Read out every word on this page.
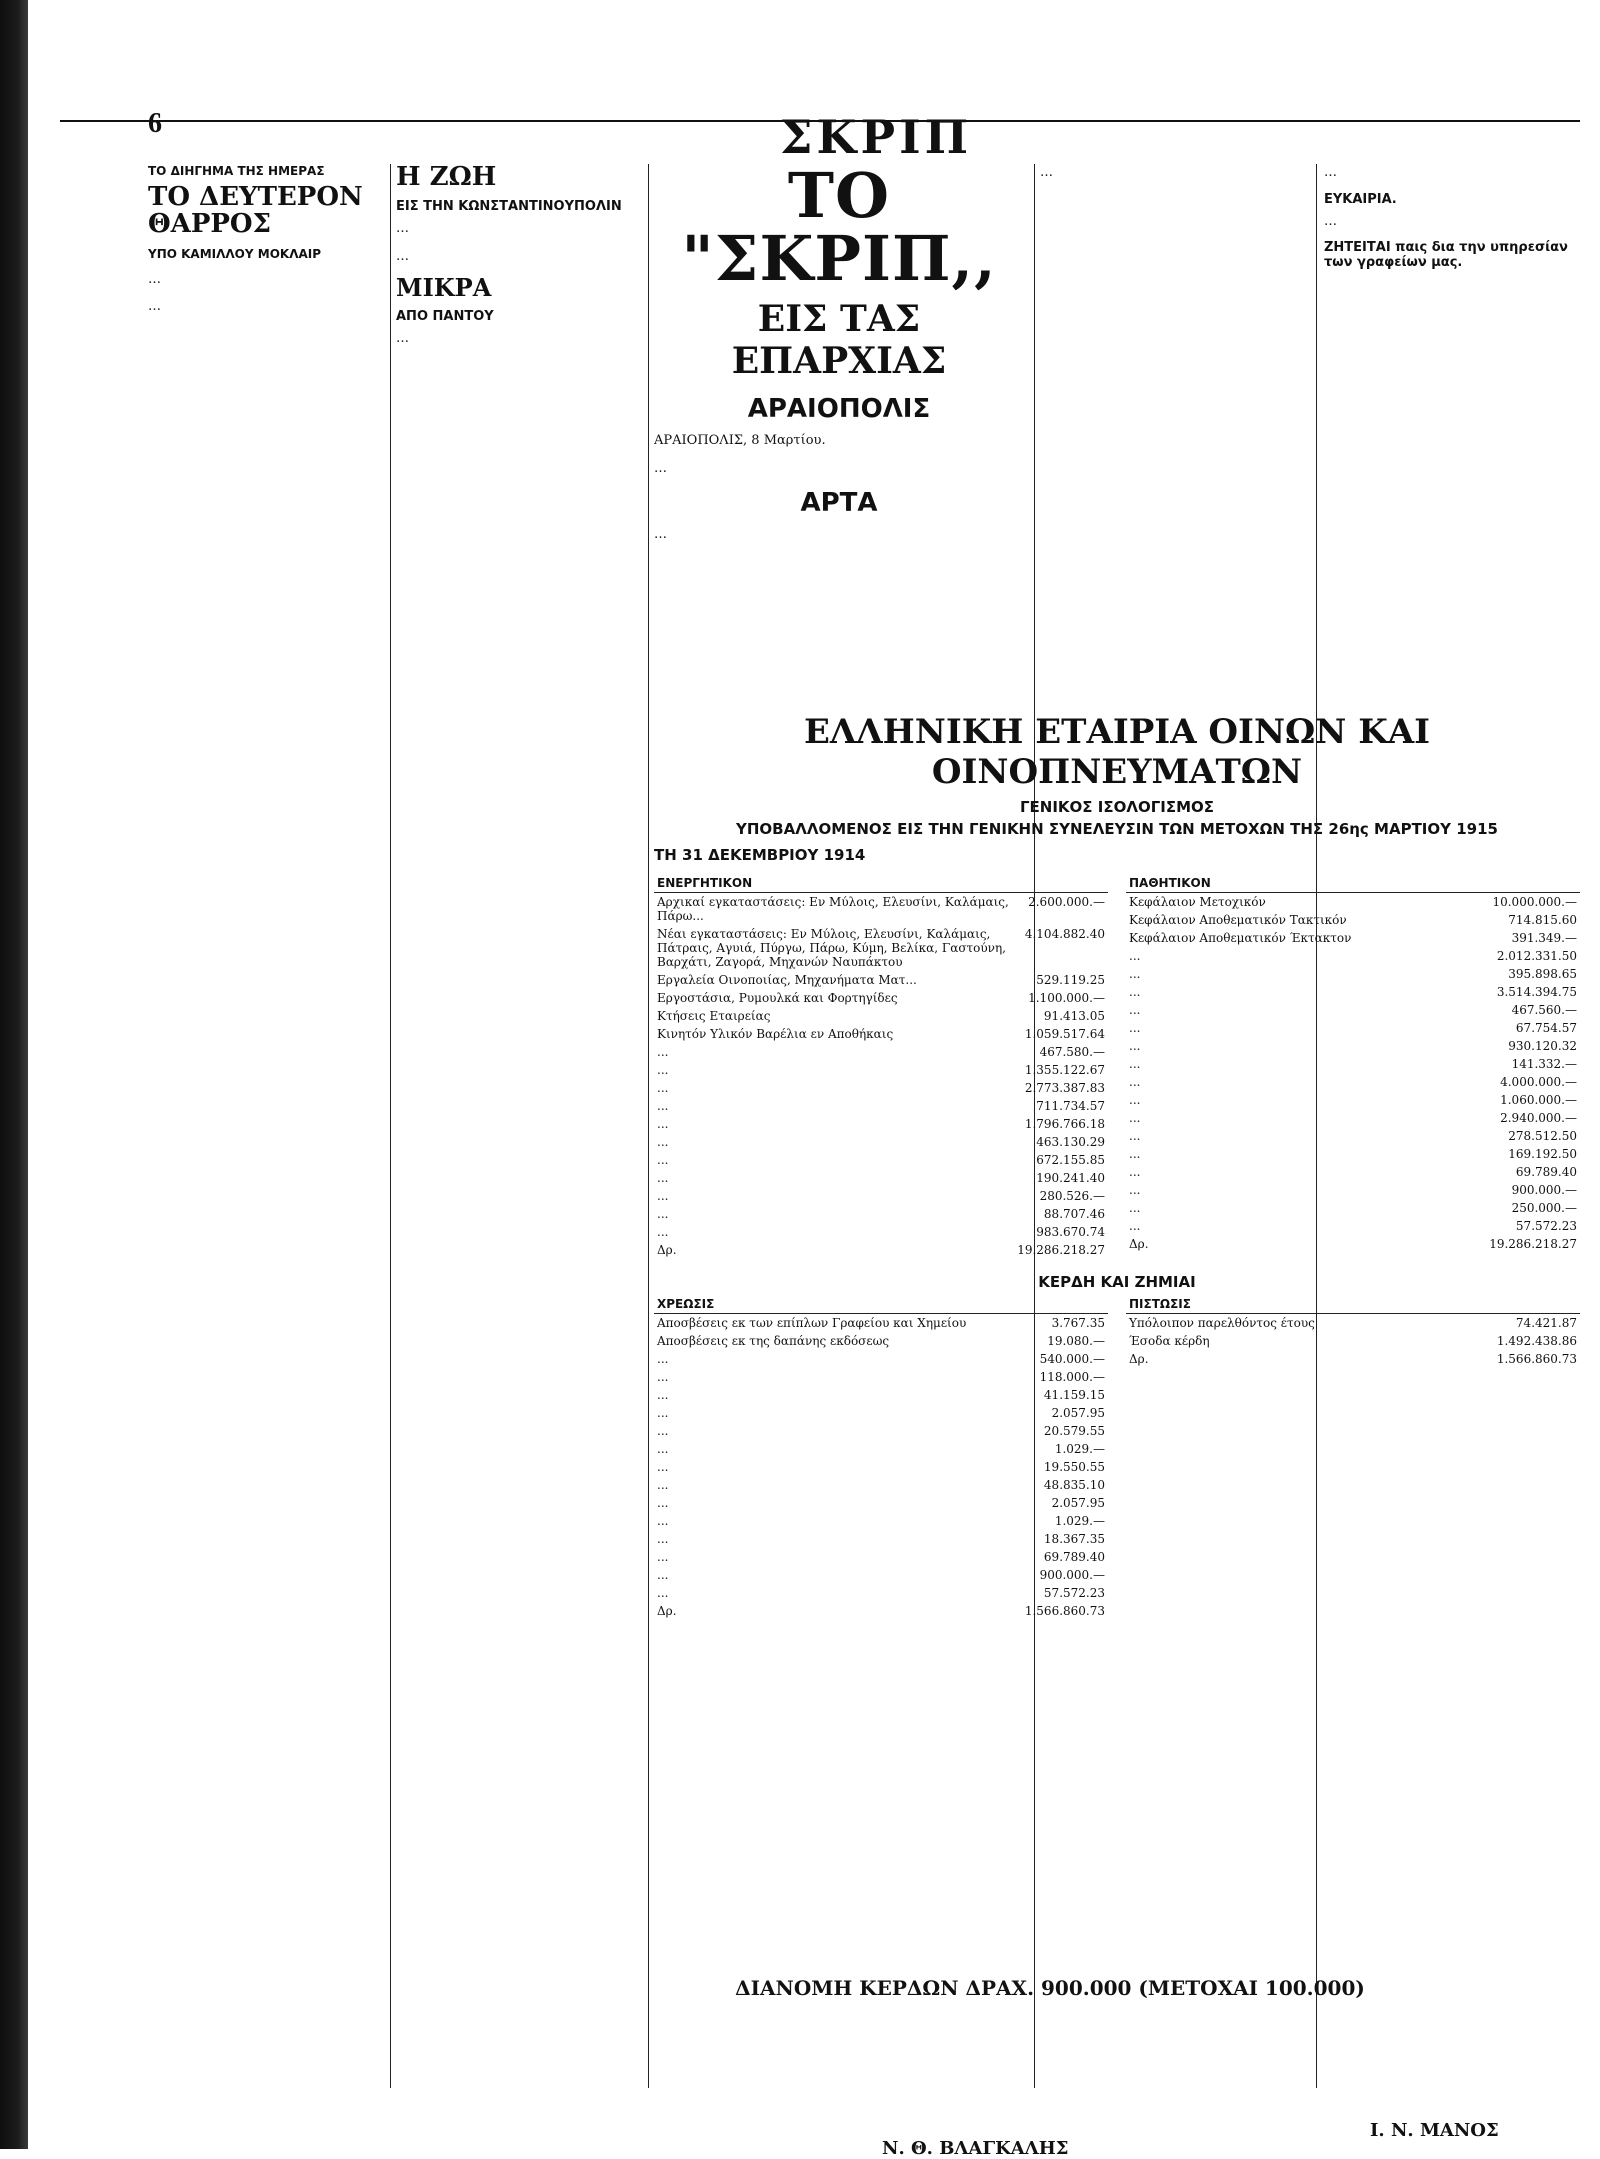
6	ΣΚΡΙΠ
ΤΟ ΔΙΗΓΗΜΑ ΤΗΣ ΗΜΕΡΑΣ
ΤΟ ΔΕΥΤΕΡΟΝ ΘΑΡΡΟΣ
ΥΠΟ ΚΑΜΙΛΛΟΥ ΜΟΚΛΑΙΡ

…

…

Η ΖΩΗ
ΕΙΣ ΤΗΝ ΚΩΝΣΤΑΝΤΙΝΟΥΠΟΛΙΝ

…

…

ΜΙΚΡΑ
ΑΠΟ ΠΑΝΤΟΥ

…

ΤΟ "ΣΚΡΙΠ,,
ΕΙΣ ΤΑΣ ΕΠΑΡΧΙΑΣ
ΑΡΑΙΟΠΟΛΙΣ

ΑΡΑΙΟΠΟΛΙΣ, 8 Μαρτίου.

…

ΑΡΤΑ

…

…	…

ΕΥΚΑΙΡΙΑ.

…

ΖΗΤΕΙΤΑΙ παις δια την υπηρεσίαν των γραφείων μας.
ΕΛΛΗΝΙΚΗ ΕΤΑΙΡΙΑ ΟΙΝΩΝ ΚΑΙ ΟΙΝΟΠΝΕΥΜΑΤΩΝ
ΓΕΝΙΚΟΣ ΙΣΟΛΟΓΙΣΜΟΣ
ΥΠΟΒΑΛΛΟΜΕΝΟΣ ΕΙΣ ΤΗΝ ΓΕΝΙΚΗΝ ΣΥΝΕΛΕΥΣΙΝ ΤΩΝ ΜΕΤΟΧΩΝ ΤΗΣ 26ης ΜΑΡΤΙΟΥ 1915
ΤΗ 31 ΔΕΚΕΜΒΡΙΟΥ 1914
ΕΝΕΡΓΗΤΙΚΟΝ	
Αρχικαί εγκαταστάσεις: Εν Μύλοις, Ελευσίνι, Καλάμαις, Πάρω...	2.600.000.—
Νέαι εγκαταστάσεις: Εν Μύλοις, Ελευσίνι, Καλάμαις, Πάτραις, Αγυιά, Πύργω, Πάρω, Κύμη, Βελίκα, Γαστούνη, Βαρχάτι, Ζαγορά, Μηχανών Ναυπάκτου	4.104.882.40
Εργαλεία Οινοποιίας, Μηχανήματα Ματ...	529.119.25
Εργοστάσια, Ρυμουλκά και Φορτηγίδες	1.100.000.—
Κτήσεις Εταιρείας	91.413.05
Κινητόν Υλικόν Βαρέλια εν Αποθήκαις	1.059.517.64
...	467.580.—
...	1.355.122.67
...	2.773.387.83
...	711.734.57
...	1.796.766.18
...	463.130.29
...	672.155.85
...	190.241.40
...	280.526.—
...	88.707.46
...	983.670.74
Δρ.	19.286.218.27
ΠΑΘΗΤΙΚΟΝ	
Κεφάλαιον Μετοχικόν	10.000.000.—
Κεφάλαιον Αποθεματικόν Τακτικόν	714.815.60
Κεφάλαιον Αποθεματικόν Έκτακτον	391.349.—
...	2.012.331.50
...	395.898.65
...	3.514.394.75
...	467.560.—
...	67.754.57
...	930.120.32
...	141.332.—
...	4.000.000.—
...	1.060.000.—
...	2.940.000.—
...	278.512.50
...	169.192.50
...	69.789.40
...	900.000.—
...	250.000.—
...	57.572.23
Δρ.	19.286.218.27
ΚΕΡΔΗ ΚΑΙ ΖΗΜΙΑΙ
ΧΡΕΩΣΙΣ	
Αποσβέσεις εκ των επίπλων Γραφείου και Χημείου	3.767.35
Αποσβέσεις εκ της δαπάνης εκδόσεως	19.080.—
...	540.000.—
...	118.000.—
...	41.159.15
...	2.057.95
...	20.579.55
...	1.029.—
...	19.550.55
...	48.835.10
...	2.057.95
...	1.029.—
...	18.367.35
...	69.789.40
...	900.000.—
...	57.572.23
Δρ.	1.566.860.73
ΠΙΣΤΩΣΙΣ	
Υπόλοιπον παρελθόντος έτους	74.421.87
Έσοδα κέρδη	1.492.438.86
Δρ.	1.566.860.73
ΔΙΑΝΟΜΗ ΚΕΡΔΩΝ ΔΡΑΧ. 900.000 (ΜΕΤΟΧΑΙ 100.000)
Ν. Θ. ΒΛΑΓΚΑΛΗΣ
Ι. Ν. ΜΑΝΟΣ
